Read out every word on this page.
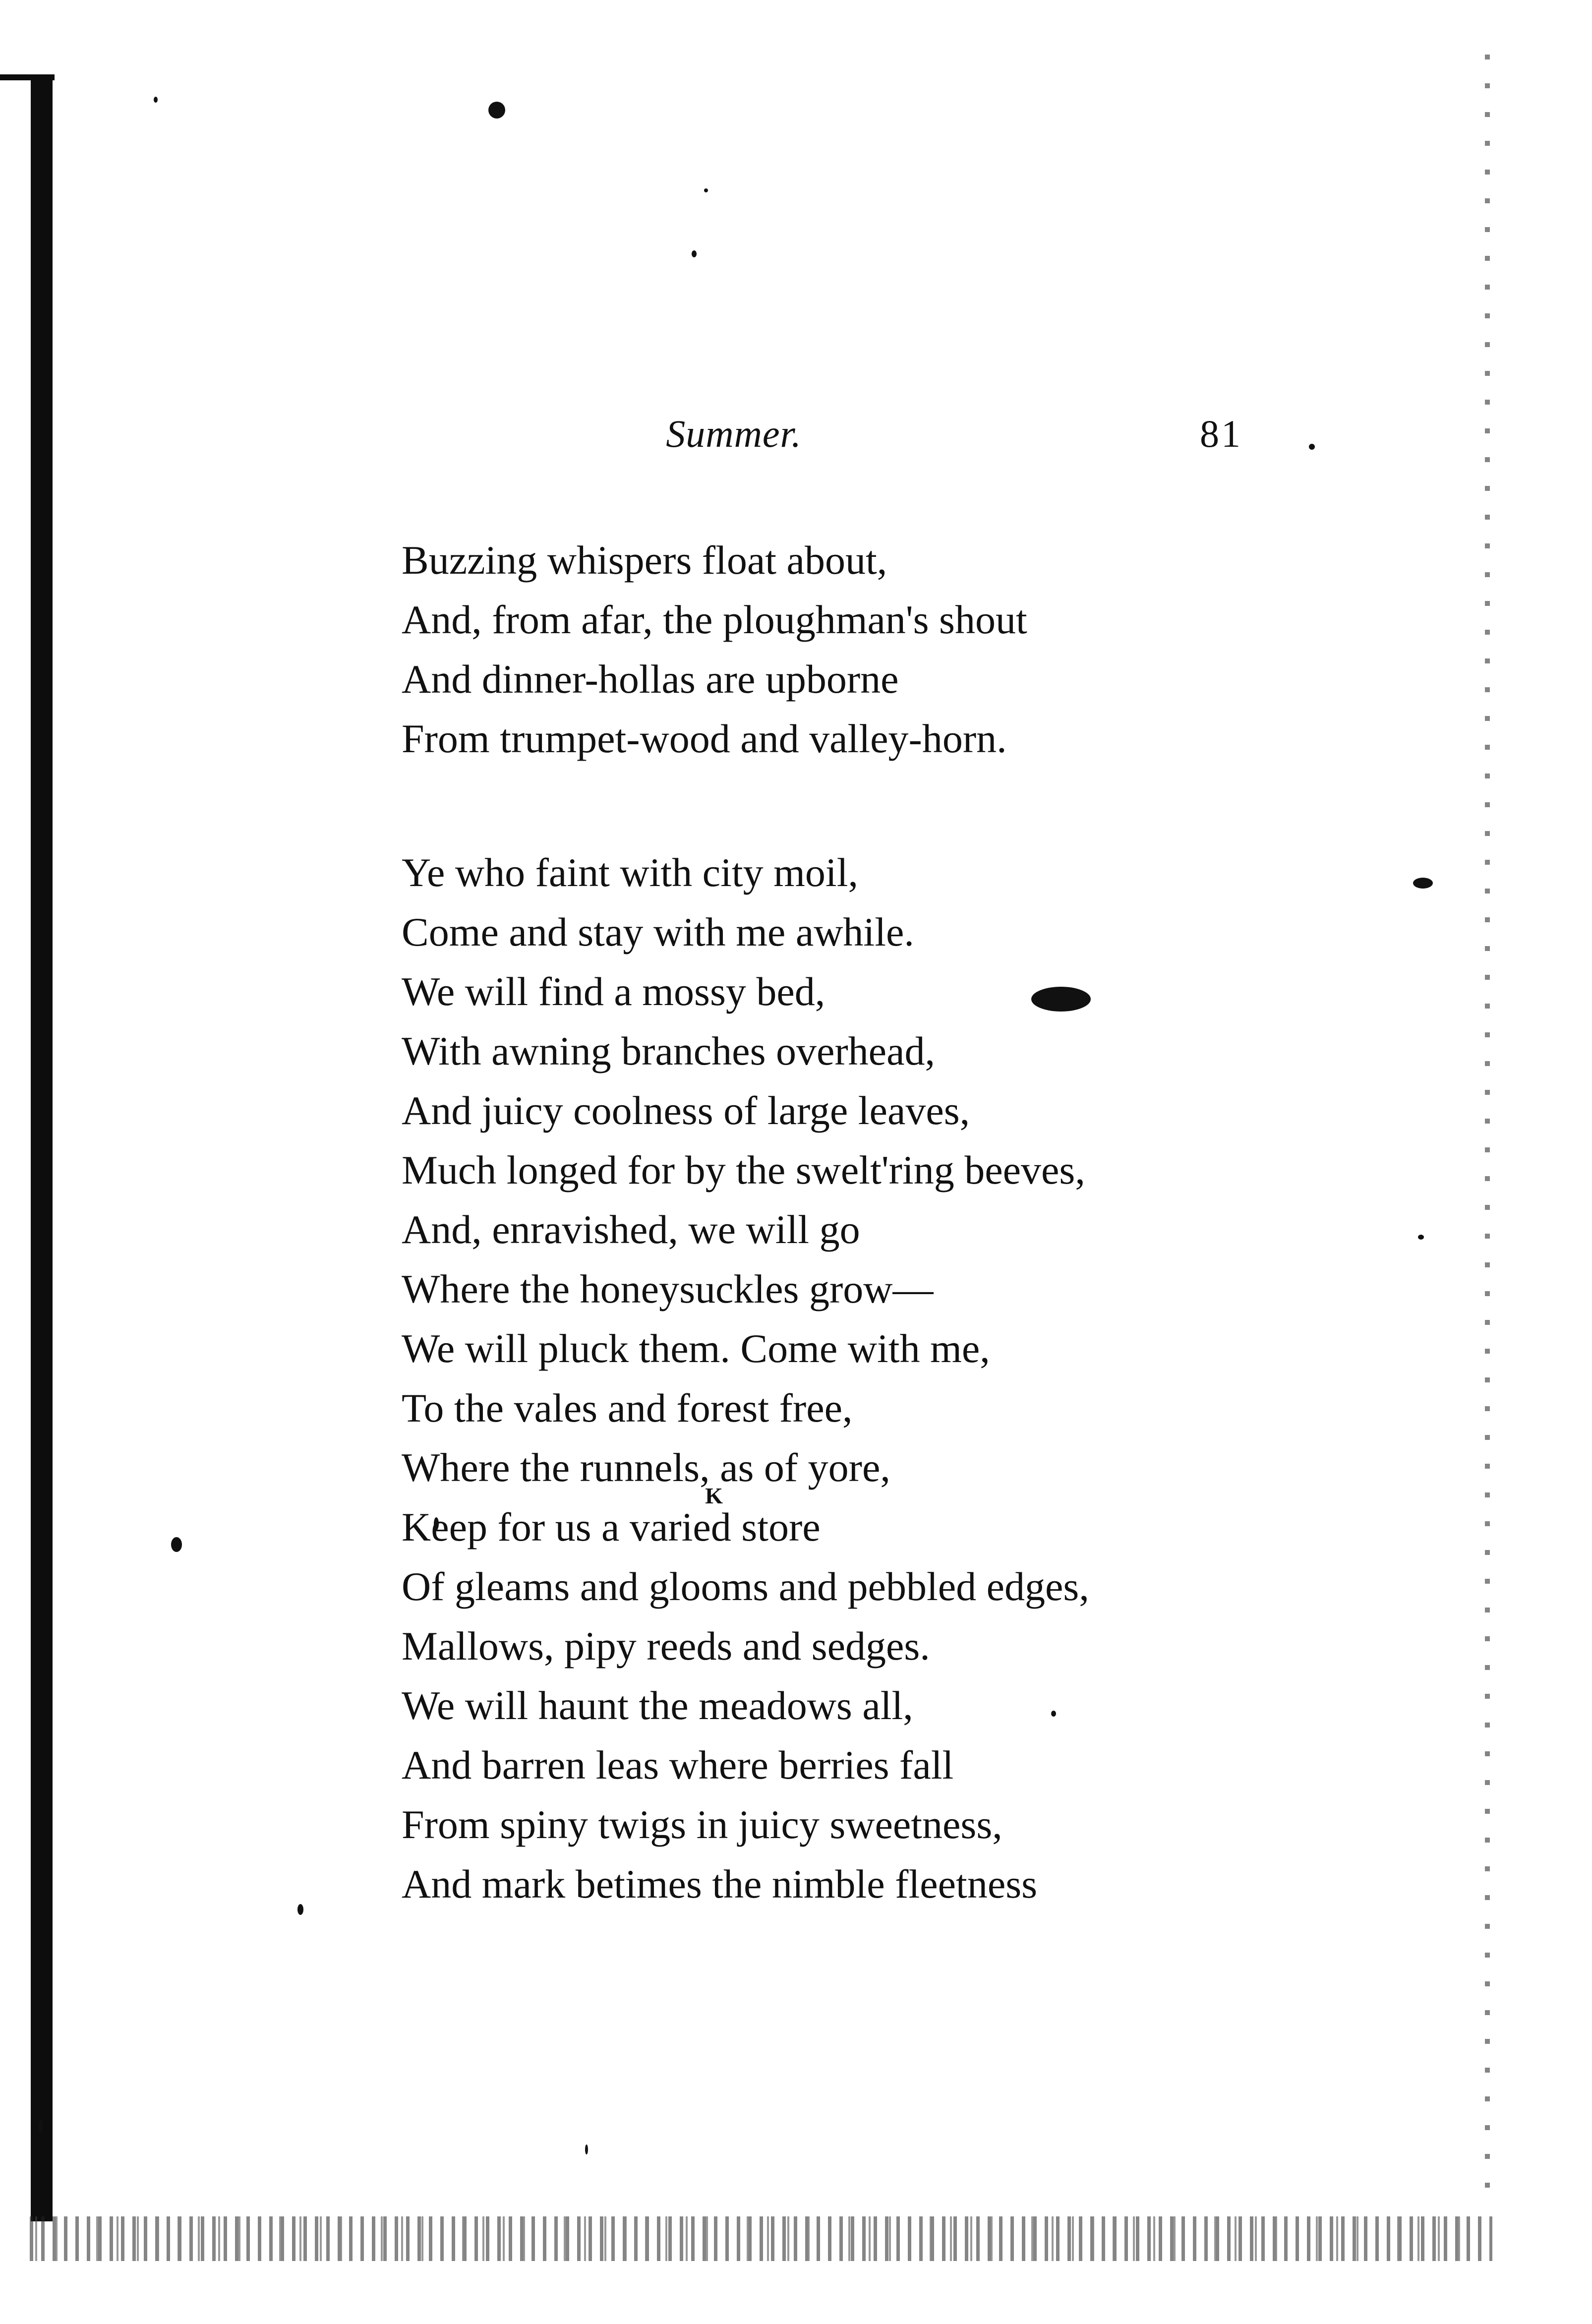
Summer.	81
Buzzing whispers float about,
And, from afar, the ploughman's shout
And dinner-hollas are upborne
From trumpet-wood and valley-horn.
Ye who faint with city moil,
Come and stay with me awhile.
We will find a mossy bed,
With awning branches overhead,
And juicy coolness of large leaves,
Much longed for by the swelt'ring beeves,
And, enravished, we will go
Where the honeysuckles grow—
We will pluck them. Come with me,
To the vales and forest free,
Where the runnels, as of yore,
Keep for us a varied store
Of gleams and glooms and pebbled edges,
Mallows, pipy reeds and sedges.
We will haunt the meadows all,
And barren leas where berries fall
From spiny twigs in juicy sweetness,
And mark betimes the nimble fleetness
K
